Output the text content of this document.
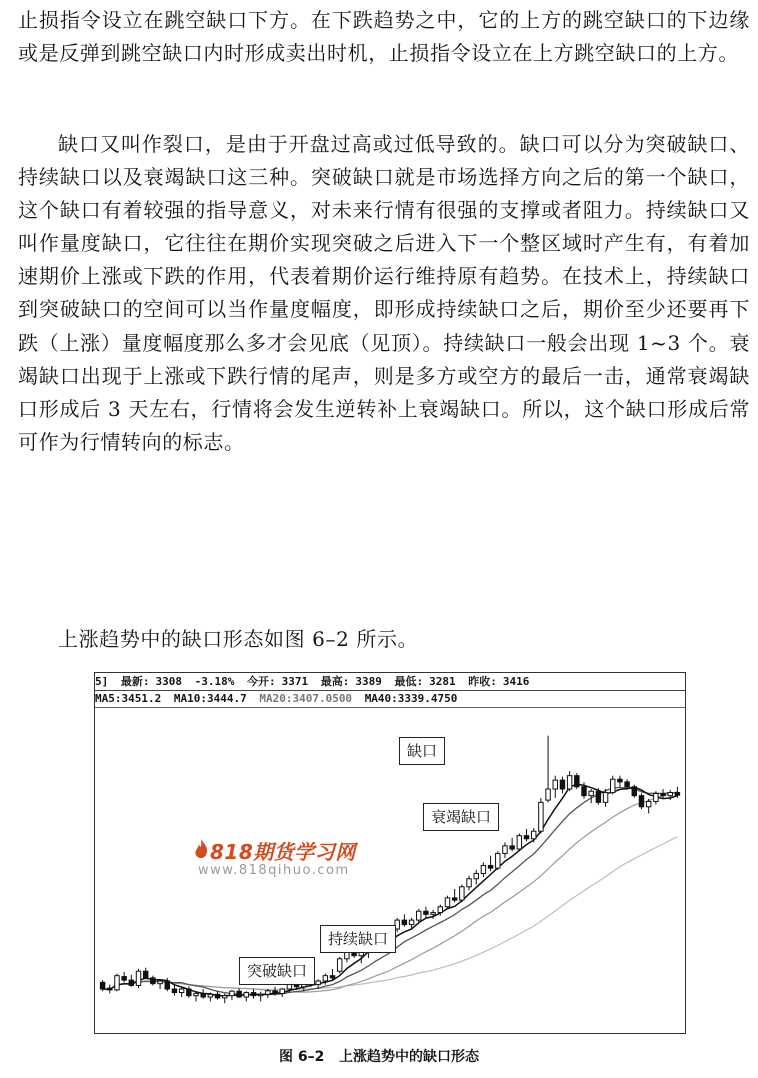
止损指令设立在跳空缺口下方。在下跌趋势之中，它的上方的跳空缺口的下边缘或是反弹到跳空缺口内时形成卖出时机，止损指令设立在上方跳空缺口的上方。

缺口又叫作裂口，是由于开盘过高或过低导致的。缺口可以分为突破缺口、持续缺口以及衰竭缺口这三种。突破缺口就是市场选择方向之后的第一个缺口，这个缺口有着较强的指导意义，对未来行情有很强的支撑或者阻力。持续缺口又叫作量度缺口，它往往在期价实现突破之后进入下一个整区域时产生有，有着加速期价上涨或下跌的作用，代表着期价运行维持原有趋势。在技术上，持续缺口到突破缺口的空间可以当作量度幅度，即形成持续缺口之后，期价至少还要再下跌（上涨）量度幅度那么多才会见底（见顶）。持续缺口一般会出现 1~3 个。衰竭缺口出现于上涨或下跌行情的尾声，则是多方或空方的最后一击，通常衰竭缺口形成后 3 天左右，行情将会发生逆转补上衰竭缺口。所以，这个缺口形成后常可作为行情转向的标志。

上涨趋势中的缺口形态如图 6–2 所示。

5] 最新: 3308 -3.18% 今开: 3371 最高: 3389 最低: 3281 昨收: 3416
MA5:3451.2 MA10:3444.7 MA20:3407.0500 MA40:3339.4750
缺口
衰竭缺口
持续缺口
突破缺口
818期货学习网
www.818qihuo.com
图 6–2 上涨趋势中的缺口形态
